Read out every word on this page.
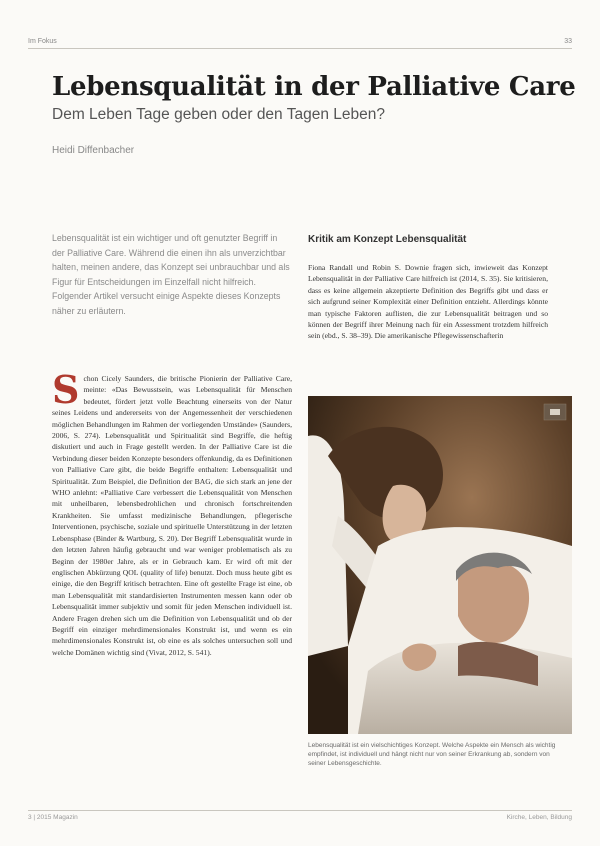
Im Fokus	33
Lebensqualität in der Palliative Care
Dem Leben Tage geben oder den Tagen Leben?
Heidi Diffenbacher
Lebensqualität ist ein wichtiger und oft genutzter Begriff in der Palliative Care. Während die einen ihn als unverzichtbar halten, meinen andere, das Konzept sei unbrauchbar und als Figur für Entscheidungen im Einzelfall nicht hilfreich. Folgender Artikel versucht einige Aspekte dieses Konzepts näher zu erläutern.

Schon Cicely Saunders, die britische Pionierin der Palliative Care, meinte: «Das Bewusstsein, was Lebensqualität für Menschen bedeutet, fördert jetzt volle Beachtung einerseits von der Natur seines Leidens und andererseits von der Angemessenheit der verschiedenen möglichen Behandlungen im Rahmen der vorliegenden Umstände» (Saunders, 2006, S. 274). Lebensqualität und Spiritualität sind Begriffe, die heftig diskutiert und auch in Frage gestellt werden. In der Palliative Care ist die Verbindung dieser beiden Konzepte besonders offenkundig, da es Definitionen von Palliative Care gibt, die beide Begriffe enthalten: Lebensqualität und Spiritualität. Zum Beispiel, die Definition der BAG, die sich stark an jene der WHO anlehnt: «Palliative Care verbessert die Lebensqualität von Menschen mit unheilbaren, lebensbedrohlichen und chronisch fortschreitenden Krankheiten. Sie umfasst medizinische Behandlungen, pflegerische Interventionen, psychische, soziale und spirituelle Unterstützung in der letzten Lebensphase (Binder & Wartburg, S. 20). Der Begriff Lebensqualität wurde in den letzten Jahren häufig gebraucht und war weniger problematisch als zu Beginn der 1980er Jahre, als er in Gebrauch kam. Er wird oft mit der englischen Abkürzung QOL (quality of life) benutzt. Doch muss heute gibt es einige, die den Begriff kritisch betrachten. Eine oft gestellte Frage ist eine, ob man Lebensqualität mit standardisierten Instrumenten messen kann oder ob Lebensqualität immer subjektiv und somit für jeden Menschen individuell ist. Andere Fragen drehen sich um die Definition von Lebensqualität und ob der Begriff ein einziger mehrdimensionales Konstrukt ist, und wenn es ein mehrdimensionales Konstrukt ist, ob eine es als solches untersuchen soll und welche Domänen wichtig sind (Vivat, 2012, S. 541).

Kritik am Konzept Lebensqualität

Fiona Randall und Robin S. Downie fragen sich, inwieweit das Konzept Lebensqualität in der Palliative Care hilfreich ist (2014, S. 35). Sie kritisieren, dass es keine allgemein akzeptierte Definition des Begriffs gibt und dass er sich aufgrund seiner Komplexität einer Definition entzieht. Allerdings könnte man typische Faktoren auflisten, die zur Lebensqualität beitragen und so können der Begriff ihrer Meinung nach für ein Assessment trotzdem hilfreich sein (ebd., S. 38–39). Die amerikanische Pflegewissenschafterin

Lebensqualität ist ein vielschichtiges Konzept. Welche Aspekte ein Mensch als wichtig empfindet, ist individuell und hängt nicht nur von seiner Erkrankung ab, sondern von seiner Lebensgeschichte.
3 | 2015 Magazin	Kirche, Leben, Bildung
